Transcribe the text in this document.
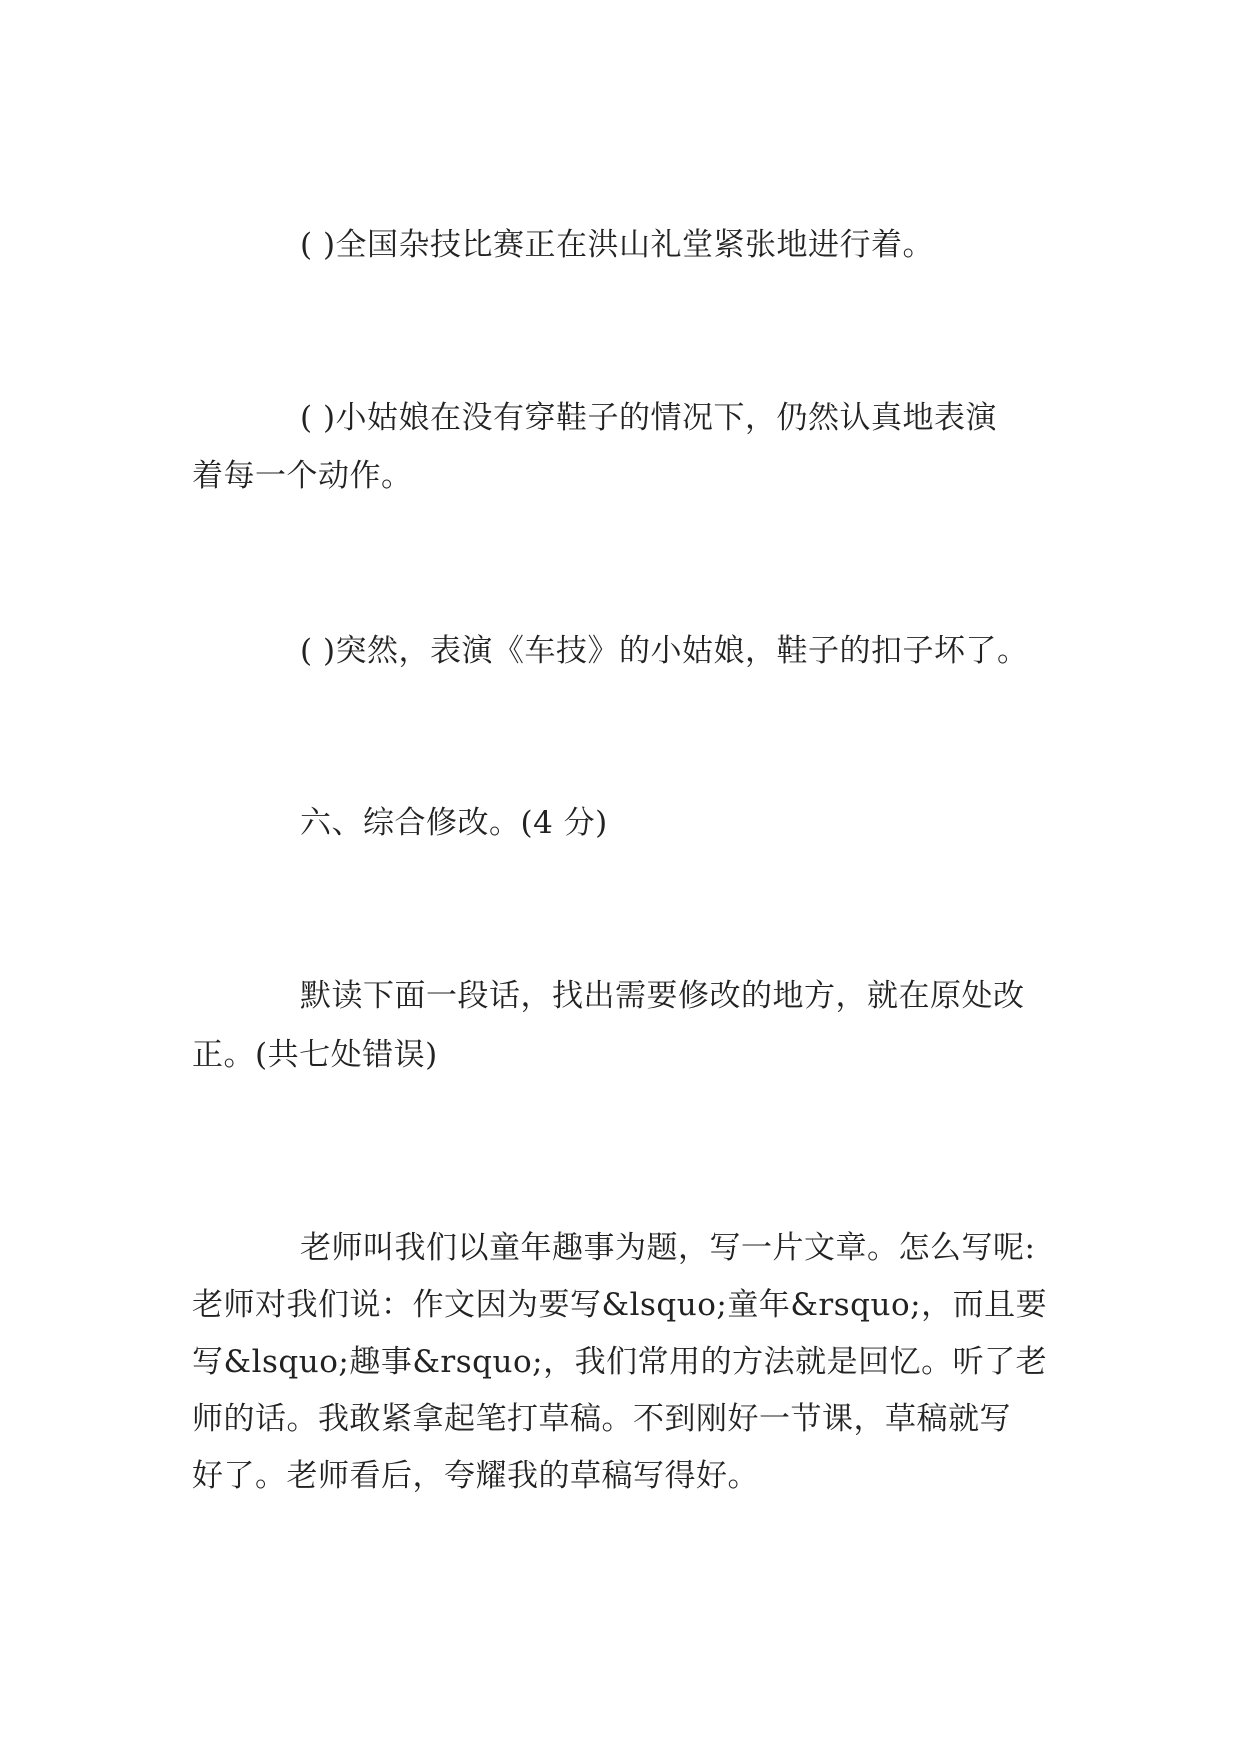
( )全国杂技比赛正在洪山礼堂紧张地进行着。
( )小姑娘在没有穿鞋子的情况下，仍然认真地表演
着每一个动作。
( )突然，表演《车技》的小姑娘，鞋子的扣子坏了。
六、综合修改。(4 分)
默读下面一段话，找出需要修改的地方，就在原处改
正。(共七处错误)
老师叫我们以童年趣事为题，写一片文章。怎么写呢:
老师对我们说：作文因为要写&lsquo;童年&rsquo;，而且要
写&lsquo;趣事&rsquo;，我们常用的方法就是回忆。听了老
师的话。我敢紧拿起笔打草稿。不到刚好一节课，草稿就写
好了。老师看后，夸耀我的草稿写得好。
